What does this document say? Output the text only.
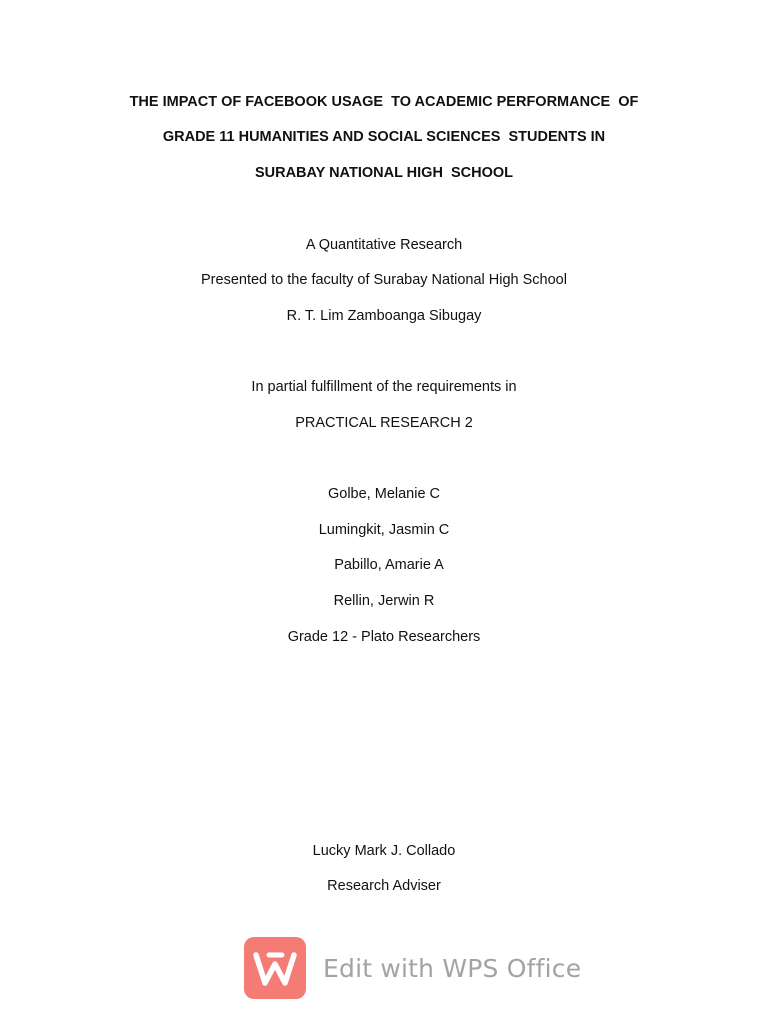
THE IMPACT OF FACEBOOK USAGE  TO ACADEMIC PERFORMANCE  OF
GRADE 11 HUMANITIES AND SOCIAL SCIENCES  STUDENTS IN
SURABAY NATIONAL HIGH  SCHOOL
A Quantitative Research
Presented to the faculty of Surabay National High School
R. T. Lim Zamboanga Sibugay
In partial fulfillment of the requirements in
PRACTICAL RESEARCH 2
Golbe, Melanie C
Lumingkit, Jasmin C
Pabillo, Amarie A
Rellin, Jerwin R
Grade 12 - Plato Researchers
Lucky Mark J. Collado
Research Adviser
Edit with WPS Office
